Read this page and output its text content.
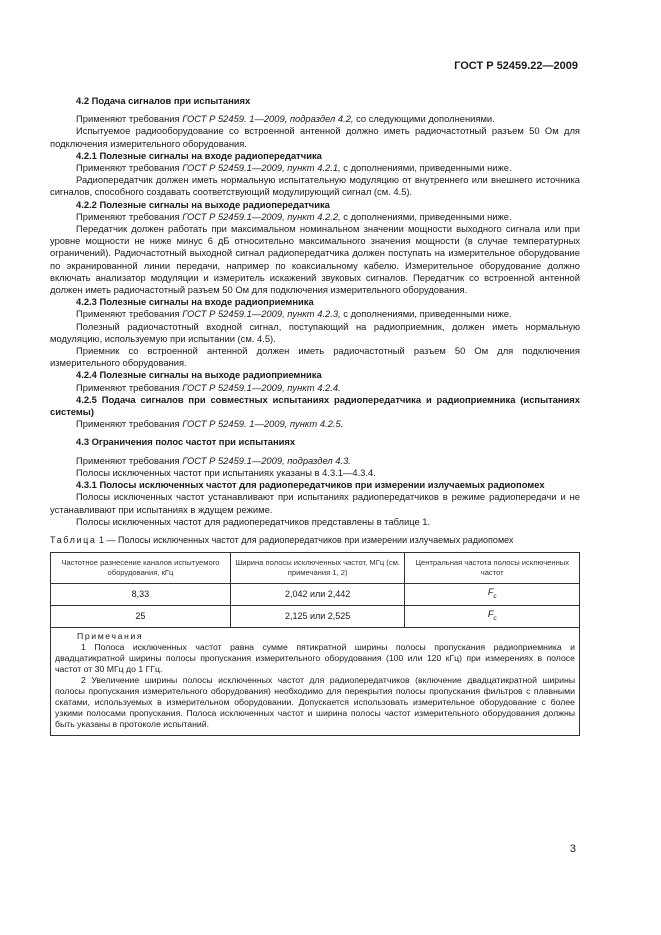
ГОСТ Р 52459.22—2009

4.2 Подача сигналов при испытаниях

Применяют требования ГОСТ Р 52459. 1—2009, подраздел 4.2, со следующими дополнениями.

Испытуемое радиооборудование со встроенной антенной должно иметь радиочастотный разъем 50 Ом для подключения измерительного оборудования.

4.2.1 Полезные сигналы на входе радиопередатчика

Применяют требования ГОСТ Р 52459.1—2009, пункт 4.2.1, с дополнениями, приведенными ниже.

Радиопередатчик должен иметь нормальную испытательную модуляцию от внутреннего или внешнего источника сигналов, способного создавать соответствующий модулирующий сигнал (см. 4.5).

4.2.2 Полезные сигналы на выходе радиопередатчика

Применяют требования ГОСТ Р 52459.1—2009, пункт 4.2.2, с дополнениями, приведенными ниже.

Передатчик должен работать при максимальном номинальном значении мощности выходного сигнала или при уровне мощности не ниже минус 6 дБ относительно максимального значения мощности (в случае температурных ограничений). Радиочастотный выходной сигнал радиопередатчика должен поступать на измерительное оборудование по экранированной линии передачи, например по коаксиальному кабелю. Измерительное оборудование должно включать анализатор модуляции и измеритель искажений звуковых сигналов. Передатчик со встроенной антенной должен иметь радиочастотный разъем 50 Ом для подключения измерительного оборудования.

4.2.3 Полезные сигналы на входе радиоприемника

Применяют требования ГОСТ Р 52459.1—2009, пункт 4.2.3, с дополнениями, приведенными ниже.

Полезный радиочастотный входной сигнал, поступающий на радиоприемник, должен иметь нормальную модуляцию, используемую при испытании (см. 4.5).

Приемник со встроенной антенной должен иметь радиочастотный разъем 50 Ом для подключения измерительного оборудования.

4.2.4 Полезные сигналы на выходе радиоприемника

Применяют требования ГОСТ Р 52459.1—2009, пункт 4.2.4.

4.2.5 Подача сигналов при совместных испытаниях радиопередатчика и радиоприемника (испытаниях системы)

Применяют требования ГОСТ Р 52459. 1—2009, пункт 4.2.5.

4.3 Ограничения полос частот при испытаниях

Применяют требования ГОСТ Р 52459.1—2009, подраздел 4.3.

Полосы исключенных частот при испытаниях указаны в 4.3.1—4.3.4.

4.3.1 Полосы исключенных частот для радиопередатчиков при измерении излучаемых радиопомех

Полосы исключенных частот устанавливают при испытаниях радиопередатчиков в режиме радиопередачи и не устанавливают при испытаниях в ждущем режиме.

Полосы исключенных частот для радиопередатчиков представлены в таблице 1.

Таблица 1 — Полосы исключенных частот для радиопередатчиков при измерении излучаемых радиопомех

Частотное разнесение каналов испытуемого оборудования, кГц	Ширина полосы исключенных частот, МГц (см. примечания 1, 2)	Центральная частота полосы исключенных частот
8,33	2,042 или 2,442	$F_c$
25	2,125 или 2,525	$F_c$

Примечания

1 Полоса исключенных частот равна сумме пятикратной ширины полосы пропускания радиоприемника и двадцатикратной ширины полосы пропускания измерительного оборудования (100 или 120 кГц) при измерениях в полосе частот от 30 МГц до 1 ГГц.

2 Увеличение ширины полосы исключенных частот для радиопередатчиков (включение двадцатикратной ширины полосы пропускания измерительного оборудования) необходимо для перекрытия полосы пропускания фильтров с плавными скатами, используемых в измерительном оборудовании. Допускается использовать измерительное оборудование с более узкими полосами пропускания. Полоса исключенных частот и ширина полосы частот измерительного оборудования должны быть указаны в протоколе испытаний.		

3
